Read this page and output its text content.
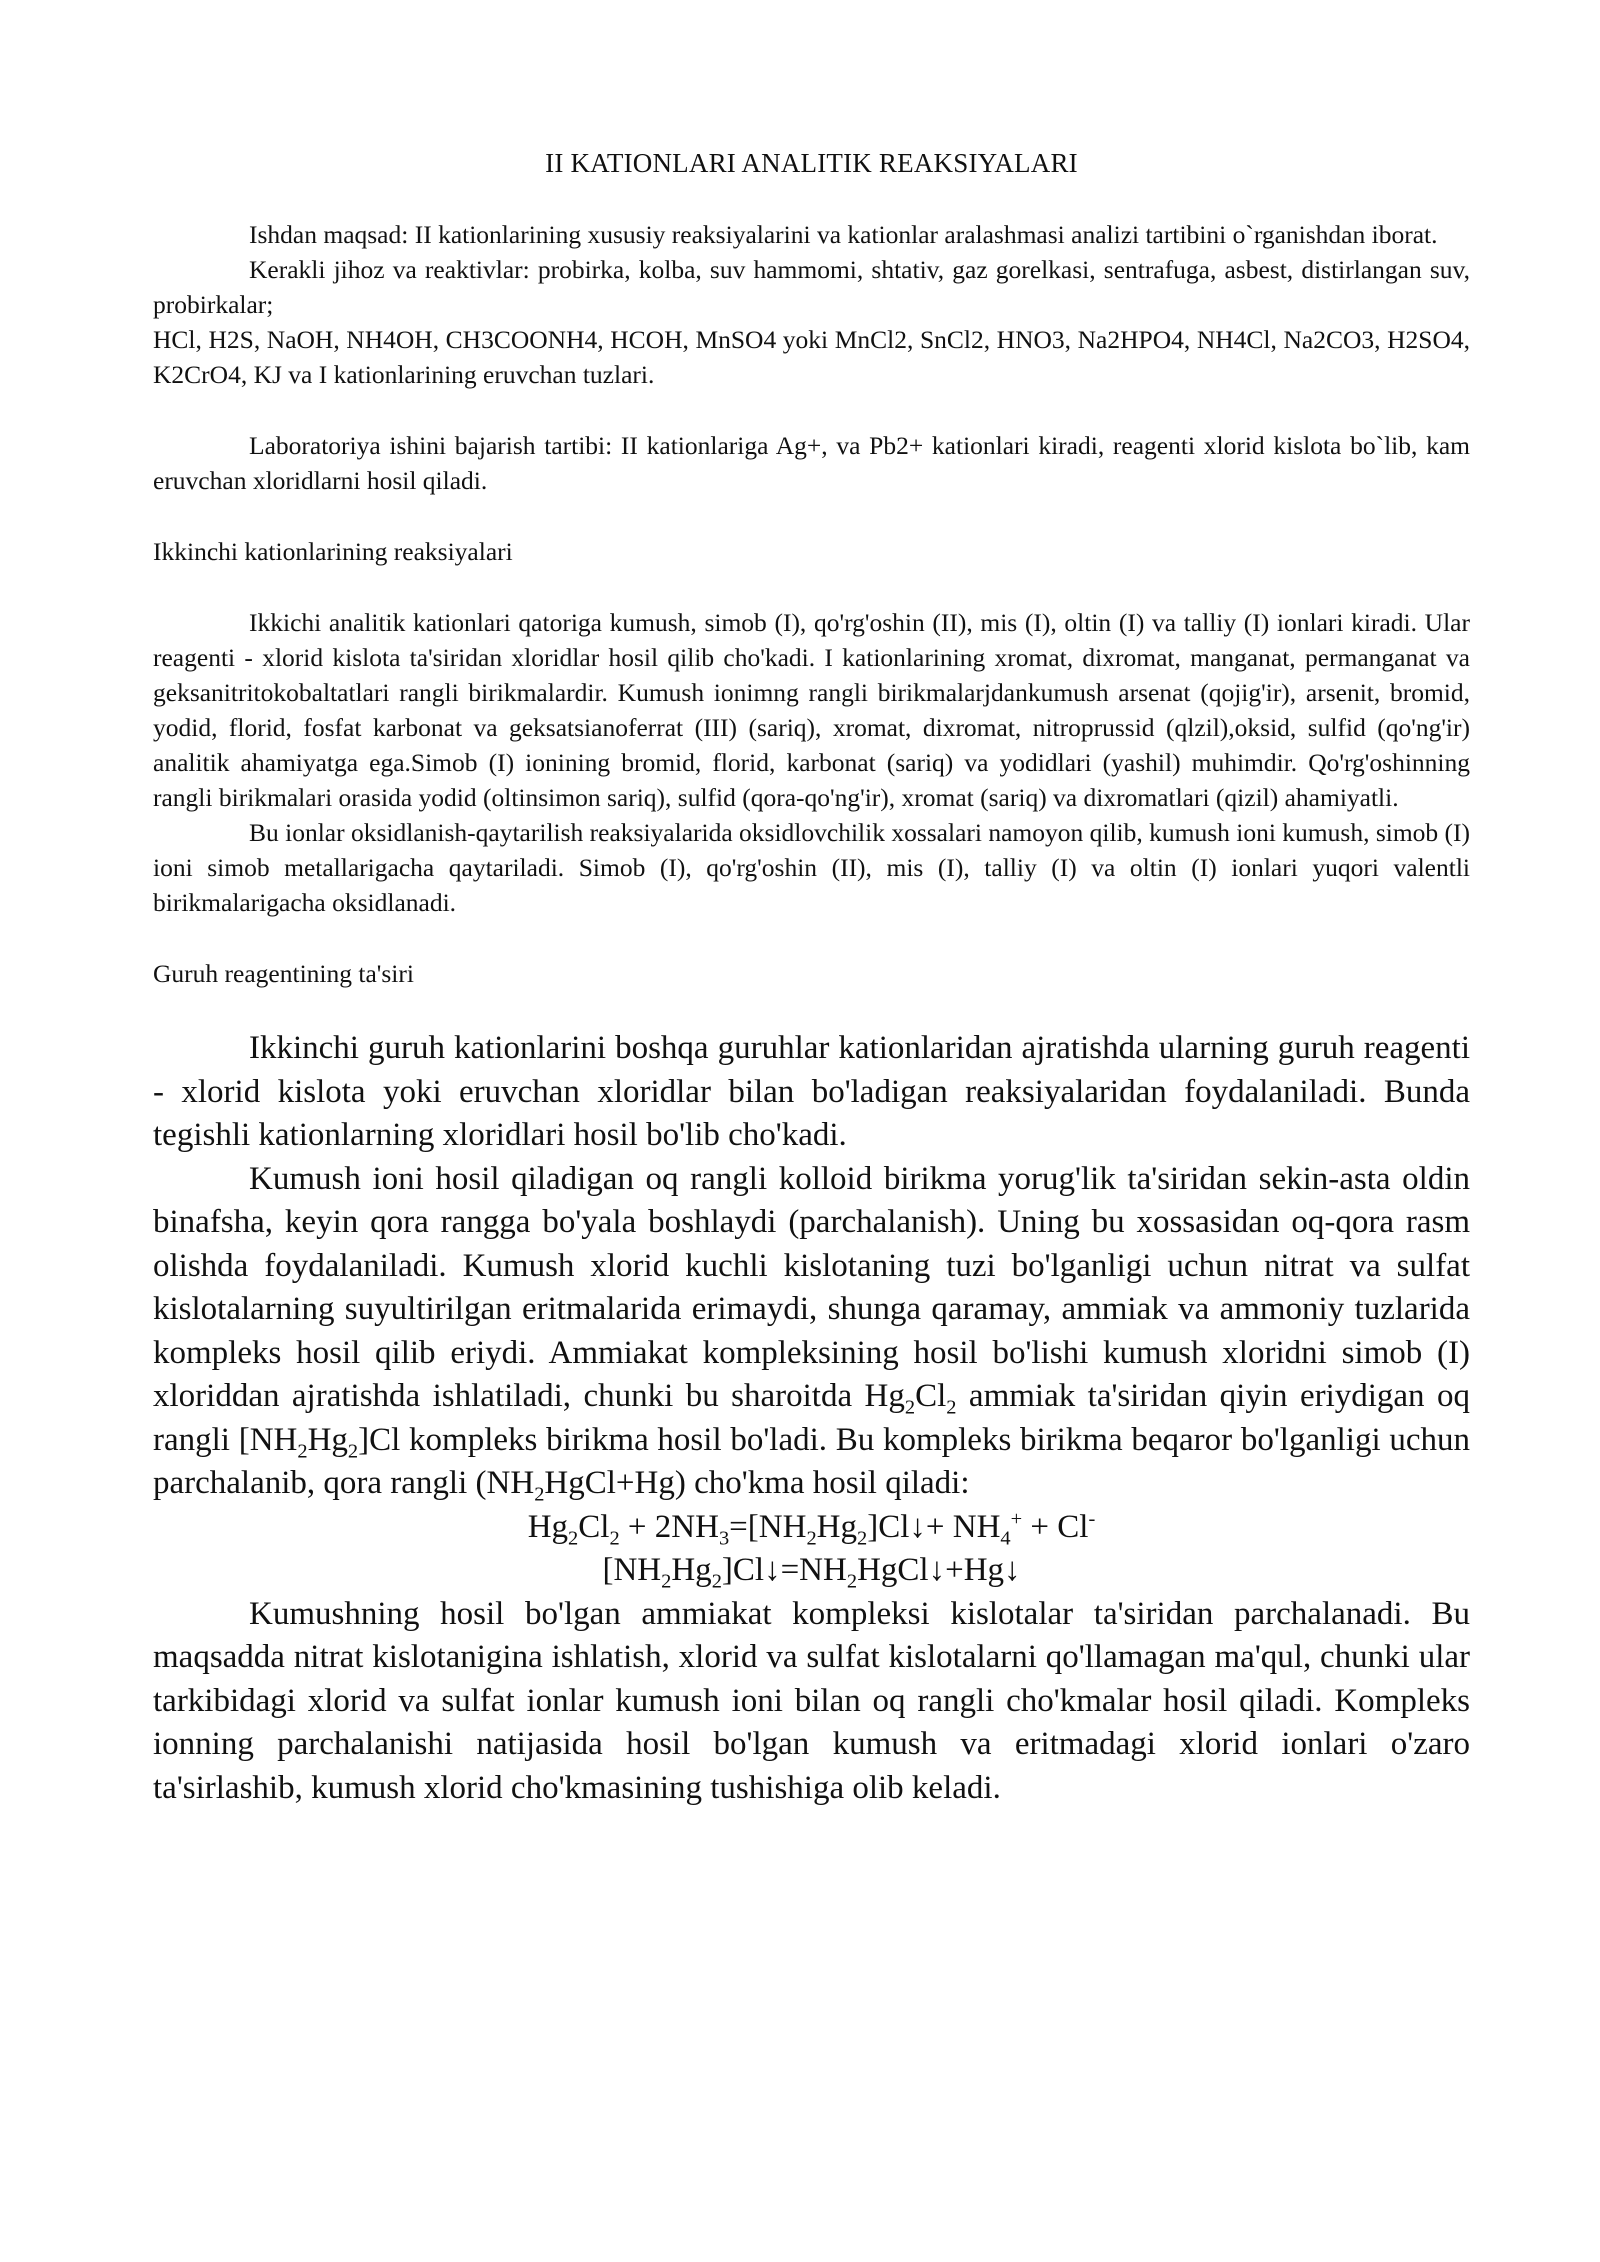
II KATIONLARI ANALITIK REAKSIYALARI

Ishdan maqsad: II kationlarining xususiy reaksiyalarini va kationlar aralashmasi analizi tartibini o`rganishdan iborat.

Kerakli jihoz va reaktivlar: probirka, kolba, suv hammomi, shtativ, gaz gorelkasi, sentrafuga, asbest, distirlangan suv, probirkalar;

HCl, H2S, NaOH, NH4OH, CH3COONH4, HCOH, MnSO4 yoki MnCl2, SnCl2, HNO3, Na2HPO4, NH4Cl, Na2CO3, H2SO4, K2CrO4, KJ va I kationlarining eruvchan tuzlari.

Laboratoriya ishini bajarish tartibi: II kationlariga Ag+, va Pb2+ kationlari kiradi, reagenti xlorid kislota bo`lib, kam eruvchan xloridlarni hosil qiladi.

Ikkinchi kationlarining reaksiyalari

Ikkichi analitik kationlari qatoriga kumush, simob (I), qo'rg'oshin (II), mis (I), oltin (I) va talliy (I) ionlari kiradi. Ular reagenti - xlorid kislota ta'siridan xloridlar hosil qilib cho'kadi. I kationlarining xromat, dixromat, manganat, permanganat va geksanitritokobaltatlari rangli birikmalardir. Kumush ionimng rangli birikmalarjdankumush arsenat (qojig'ir), arsenit, bromid, yodid, florid, fosfat karbonat va geksatsianoferrat (III) (sariq), xromat, dixromat, nitroprussid (qlzil),oksid, sulfid (qo'ng'ir) analitik ahamiyatga ega.Simob (I) ionining bromid, florid, karbonat (sariq) va yodidlari (yashil) muhimdir. Qo'rg'oshinning rangli birikmalari orasida yodid (oltinsimon sariq), sulfid (qora-qo'ng'ir), xromat (sariq) va dixromatlari (qizil) ahamiyatli.

Bu ionlar oksidlanish-qaytarilish reaksiyalarida oksidlovchilik xossalari namoyon qilib, kumush ioni kumush, simob (I) ioni simob metallarigacha qaytariladi. Simob (I), qo'rg'oshin (II), mis (I), talliy (I) va oltin (I) ionlari yuqori valentli birikmalarigacha oksidlanadi.

Guruh reagentining ta'siri

Ikkinchi guruh kationlarini boshqa guruhlar kationlaridan ajratishda ularning guruh reagenti - xlorid kislota yoki eruvchan xloridlar bilan bo'ladigan reaksiyalaridan foydalaniladi. Bunda tegishli kationlarning xloridlari hosil bo'lib cho'kadi.

Kumush ioni hosil qiladigan oq rangli kolloid birikma yorug'lik ta'siridan sekin-asta oldin binafsha, keyin qora rangga bo'yala boshlaydi (parchalanish). Uning bu xossasidan oq-qora rasm olishda foydalaniladi. Kumush xlorid kuchli kislotaning tuzi bo'lganligi uchun nitrat va sulfat kislotalarning suyultirilgan eritmalarida erimaydi, shunga qaramay, ammiak va ammoniy tuzlarida kompleks hosil qilib eriydi. Ammiakat kompleksining hosil bo'lishi kumush xloridni simob (I) xloriddan ajratishda ishlatiladi, chunki bu sharoitda $Hg_2Cl_2$ ammiak ta'siridan qiyin eriydigan oq rangli $[NH_2Hg_2]Cl$ kompleks birikma hosil bo'ladi. Bu kompleks birikma beqaror bo'lganligi uchun parchalanib, qora rangli $(NH_2HgCl+Hg)$ cho'kma hosil qiladi:

$Hg_2Cl_2$ + $2NH_3=[NH_2Hg_2]Cl↓+ NH_4^+ + Cl^-$

$[NH_2Hg_2]Cl↓=NH_2HgCl↓+Hg↓$

Kumushning hosil bo'lgan ammiakat kompleksi kislotalar ta'siridan parchalanadi. Bu maqsadda nitrat kislotanigina ishlatish, xlorid va sulfat kislotalarni qo'llamagan ma'qul, chunki ular tarkibidagi xlorid va sulfat ionlar kumush ioni bilan oq rangli cho'kmalar hosil qiladi. Kompleks ionning parchalanishi natijasida hosil bo'lgan kumush va eritmadagi xlorid ionlari o'zaro ta'sirlashib, kumush xlorid cho'kmasining tushishiga olib keladi.
